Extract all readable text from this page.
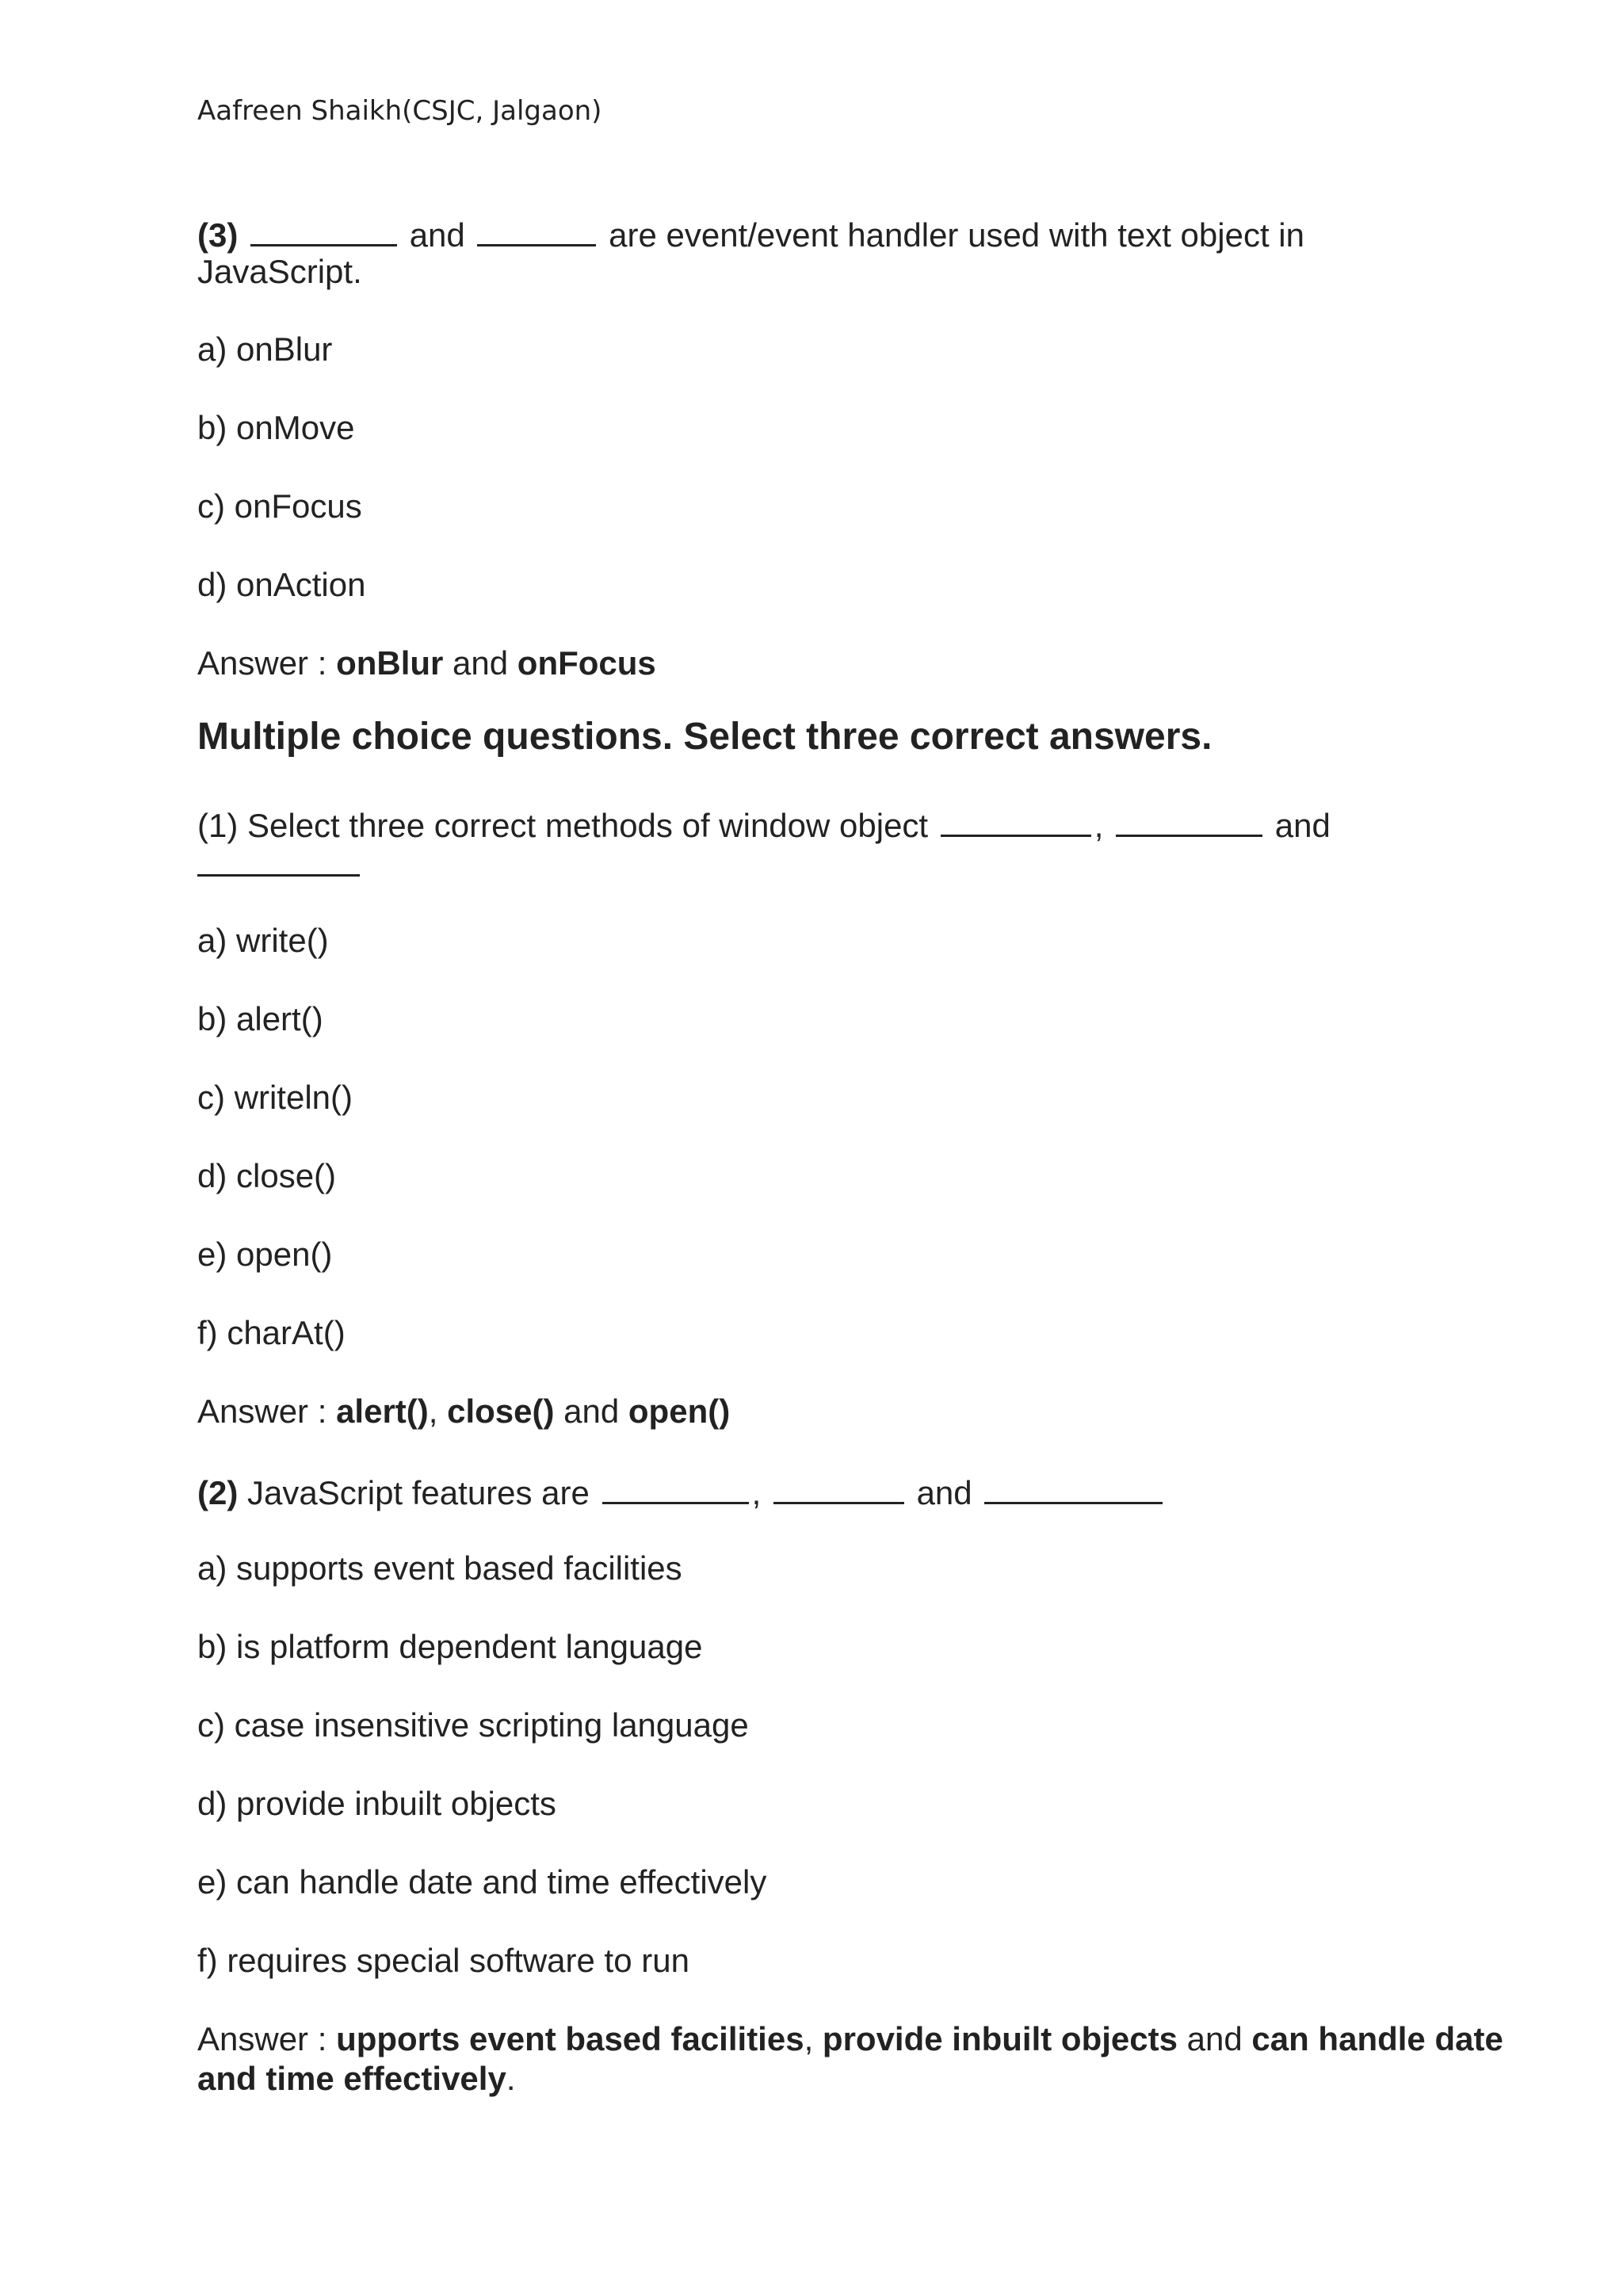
Aafreen Shaikh(CSJC, Jalgaon)
(3)	and	are event/event handler used with text object in
JavaScript.
a) onBlur
b) onMove
c) onFocus
d) onAction
Answer : onBlur and onFocus
Multiple choice questions. Select three correct answers.
(1) Select three correct methods of window object	,	and
a) write()
b) alert()
c) writeln()
d) close()
e) open()
f) charAt()
Answer : alert(), close() and open()
(2) JavaScript features are	,	and
a) supports event based facilities
b) is platform dependent language
c) case insensitive scripting language
d) provide inbuilt objects
e) can handle date and time effectively
f) requires special software to run
Answer : upports event based facilities, provide inbuilt objects and can handle date
and time effectively.
